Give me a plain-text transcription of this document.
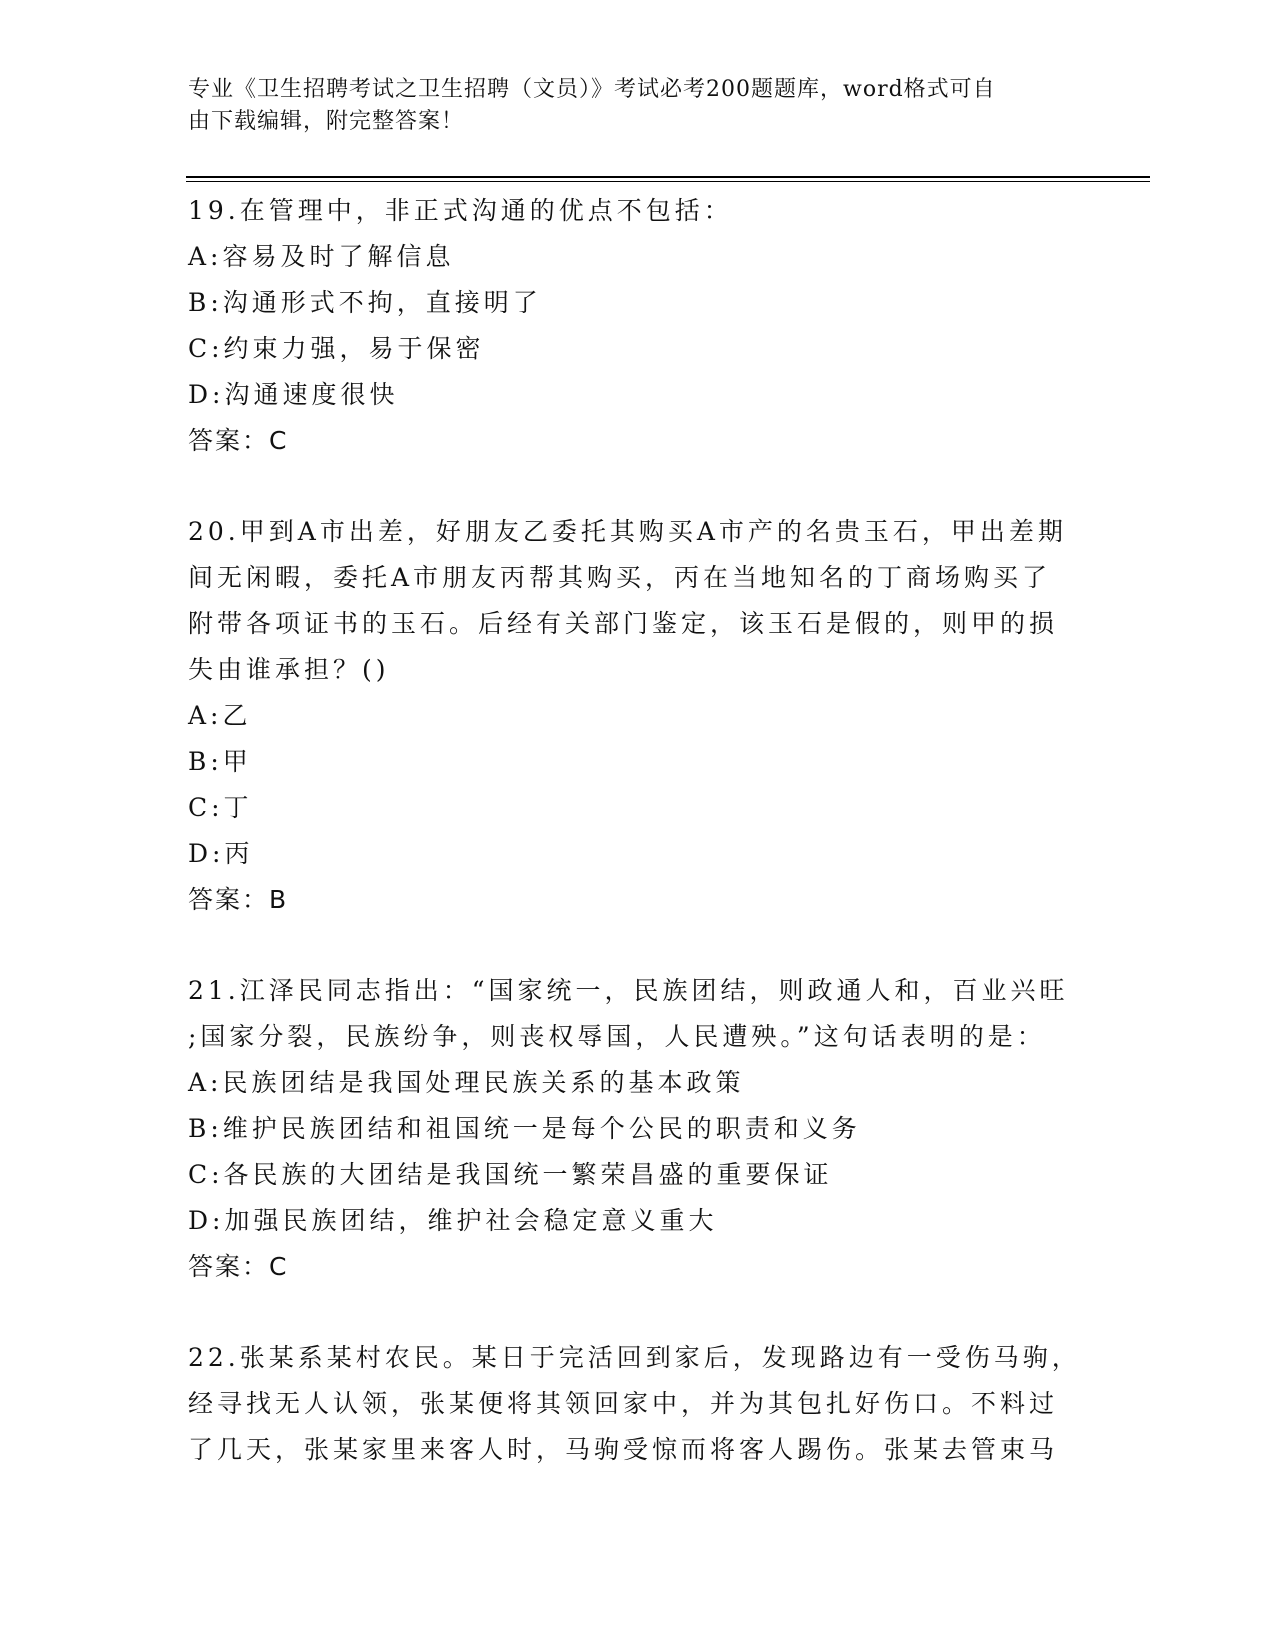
专业《卫生招聘考试之卫生招聘（文员）》考试必考200题题库，word格式可自
由下载编辑，附完整答案！
19.在管理中，非正式沟通的优点不包括：
A:容易及时了解信息
B:沟通形式不拘，直接明了
C:约束力强，易于保密
D:沟通速度很快
答案：C
20.甲到A市出差，好朋友乙委托其购买A市产的名贵玉石，甲出差期
间无闲暇，委托A市朋友丙帮其购买，丙在当地知名的丁商场购买了
附带各项证书的玉石。后经有关部门鉴定，该玉石是假的，则甲的损
失由谁承担？()
A:乙
B:甲
C:丁
D:丙
答案：B
21.江泽民同志指出：“国家统一，民族团结，则政通人和，百业兴旺
;国家分裂，民族纷争，则丧权辱国，人民遭殃。”这句话表明的是：
A:民族团结是我国处理民族关系的基本政策
B:维护民族团结和祖国统一是每个公民的职责和义务
C:各民族的大团结是我国统一繁荣昌盛的重要保证
D:加强民族团结，维护社会稳定意义重大
答案：C
22.张某系某村农民。某日于完活回到家后，发现路边有一受伤马驹，
经寻找无人认领，张某便将其领回家中，并为其包扎好伤口。不料过
了几天，张某家里来客人时，马驹受惊而将客人踢伤。张某去管束马
